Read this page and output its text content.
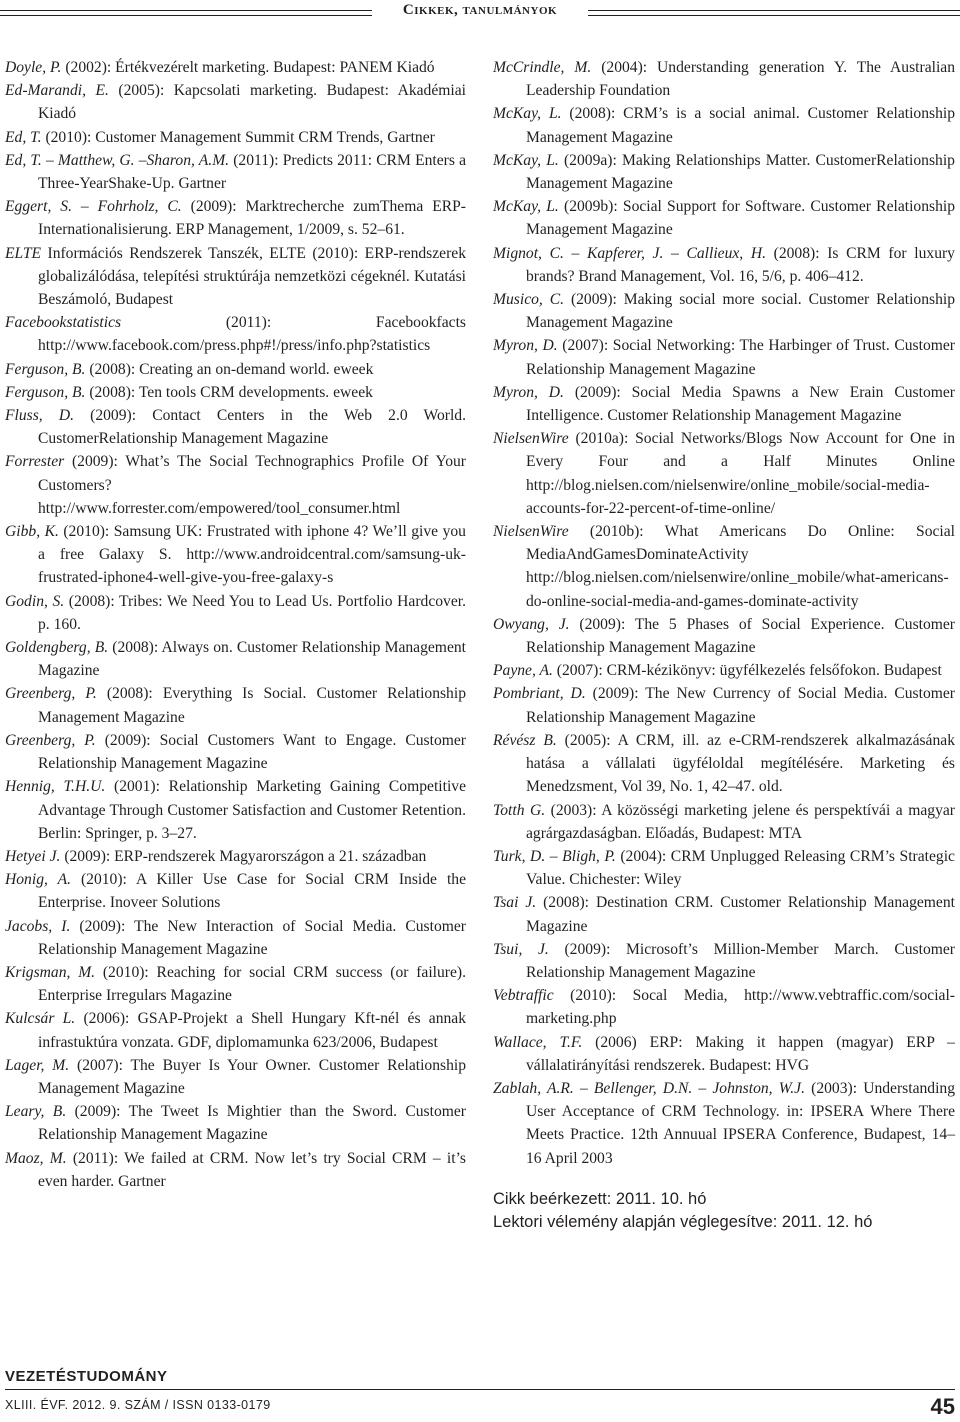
Cikkek, tanulmányok

Doyle, P. (2002): Értékvezérelt marketing. Budapest: PANEM Kiadó

Ed-Marandi, E. (2005): Kapcsolati marketing. Budapest: Akadémiai Kiadó

Ed, T. (2010): Customer Management Summit CRM Trends, Gartner

Ed, T. – Matthew, G. –Sharon, A.M. (2011): Predicts 2011: CRM Enters a Three-YearShake-Up. Gartner

Eggert, S. – Fohrholz, C. (2009): Marktrecherche zumThema ERP-Internationalisierung. ERP Management, 1/2009, s. 52–61.

ELTE Információs Rendszerek Tanszék, ELTE (2010): ERP-rendszerek globalizálódása, telepítési struktúrája nemzetközi cégeknél. Kutatási Beszámoló, Budapest

Facebookstatistics (2011): Facebookfacts http://www.facebook.com/press.php#!/press/info.php?statistics

Ferguson, B. (2008): Creating an on-demand world. eweek

Ferguson, B. (2008): Ten tools CRM developments. eweek

Fluss, D. (2009): Contact Centers in the Web 2.0 World. CustomerRelationship Management Magazine

Forrester (2009): What’s The Social Technographics Profile Of Your Customers? http://www.forrester.com/empowered/tool_consumer.html

Gibb, K. (2010): Samsung UK: Frustrated with iphone 4? We’ll give you a free Galaxy S. http://www.androidcentral.com/samsung-uk-frustrated-iphone4-well-give-you-free-galaxy-s

Godin, S. (2008): Tribes: We Need You to Lead Us. Portfolio Hardcover. p. 160.

Goldengberg, B. (2008): Always on. Customer Relationship Management Magazine

Greenberg, P. (2008): Everything Is Social. Customer Relationship Management Magazine

Greenberg, P. (2009): Social Customers Want to Engage. Customer Relationship Management Magazine

Hennig, T.H.U. (2001): Relationship Marketing Gaining Competitive Advantage Through Customer Satisfaction and Customer Retention. Berlin: Springer, p. 3–27.

Hetyei J. (2009): ERP-rendszerek Magyarországon a 21. században

Honig, A. (2010): A Killer Use Case for Social CRM Inside the Enterprise. Inoveer Solutions

Jacobs, I. (2009): The New Interaction of Social Media. Customer Relationship Management Magazine

Krigsman, M. (2010): Reaching for social CRM success (or failure). Enterprise Irregulars Magazine

Kulcsár L. (2006): GSAP-Projekt a Shell Hungary Kft-nél és annak infrastuktúra vonzata. GDF, diplomamunka 623/2006, Budapest

Lager, M. (2007): The Buyer Is Your Owner. Customer Relationship Management Magazine

Leary, B. (2009): The Tweet Is Mightier than the Sword. Customer Relationship Management Magazine

Maoz, M. (2011): We failed at CRM. Now let’s try Social CRM – it’s even harder. Gartner

McCrindle, M. (2004): Understanding generation Y. The Australian Leadership Foundation

McKay, L. (2008): CRM’s is a social animal. Customer Relationship Management Magazine

McKay, L. (2009a): Making Relationships Matter. CustomerRelationship Management Magazine

McKay, L. (2009b): Social Support for Software. Customer Relationship Management Magazine

Mignot, C. – Kapferer, J. – Callieux, H. (2008): Is CRM for luxury brands? Brand Management, Vol. 16, 5/6, p. 406–412.

Musico, C. (2009): Making social more social. Customer Relationship Management Magazine

Myron, D. (2007): Social Networking: The Harbinger of Trust. Customer Relationship Management Magazine

Myron, D. (2009): Social Media Spawns a New Erain Customer Intelligence. Customer Relationship Management Magazine

NielsenWire (2010a): Social Networks/Blogs Now Account for One in Every Four and a Half Minutes Online http://blog.nielsen.com/nielsenwire/online_mobile/social-media-accounts-for-22-percent-of-time-online/

NielsenWire (2010b): What Americans Do Online: Social MediaAndGamesDominateActivity http://blog.nielsen.com/nielsenwire/online_mobile/what-americans-do-online-social-media-and-games-dominate-activity

Owyang, J. (2009): The 5 Phases of Social Experience. Customer Relationship Management Magazine

Payne, A. (2007): CRM-kézikönyv: ügyfélkezelés felsőfokon. Budapest

Pombriant, D. (2009): The New Currency of Social Media. Customer Relationship Management Magazine

Révész B. (2005): A CRM, ill. az e-CRM-rendszerek alkalmazásának hatása a vállalati ügyféloldal megítélésére. Marketing és Menedzsment, Vol 39, No. 1, 42–47. old.

Totth G. (2003): A közösségi marketing jelene és perspektívái a magyar agrárgazdaságban. Előadás, Budapest: MTA

Turk, D. – Bligh, P. (2004): CRM Unplugged Releasing CRM’s Strategic Value. Chichester: Wiley

Tsai J. (2008): Destination CRM. Customer Relationship Management Magazine

Tsui, J. (2009): Microsoft’s Million-Member March. Customer Relationship Management Magazine

Vebtraffic (2010): Socal Media, http://www.vebtraffic.com/social-marketing.php

Wallace, T.F. (2006) ERP: Making it happen (magyar) ERP – vállalatirányítási rendszerek. Budapest: HVG

Zablah, A.R. – Bellenger, D.N. – Johnston, W.J. (2003): Understanding User Acceptance of CRM Technology. in: IPSERA Where There Meets Practice. 12th Annuual IPSERA Conference, Budapest, 14–16 April 2003

Cikk beérkezett: 2011. 10. hó
Lektori vélemény alapján véglegesítve: 2011. 12. hó
VEZETÉSTUDOMÁNY
XLIII. ÉVF. 2012. 9. SZÁM / ISSN 0133-0179	45
